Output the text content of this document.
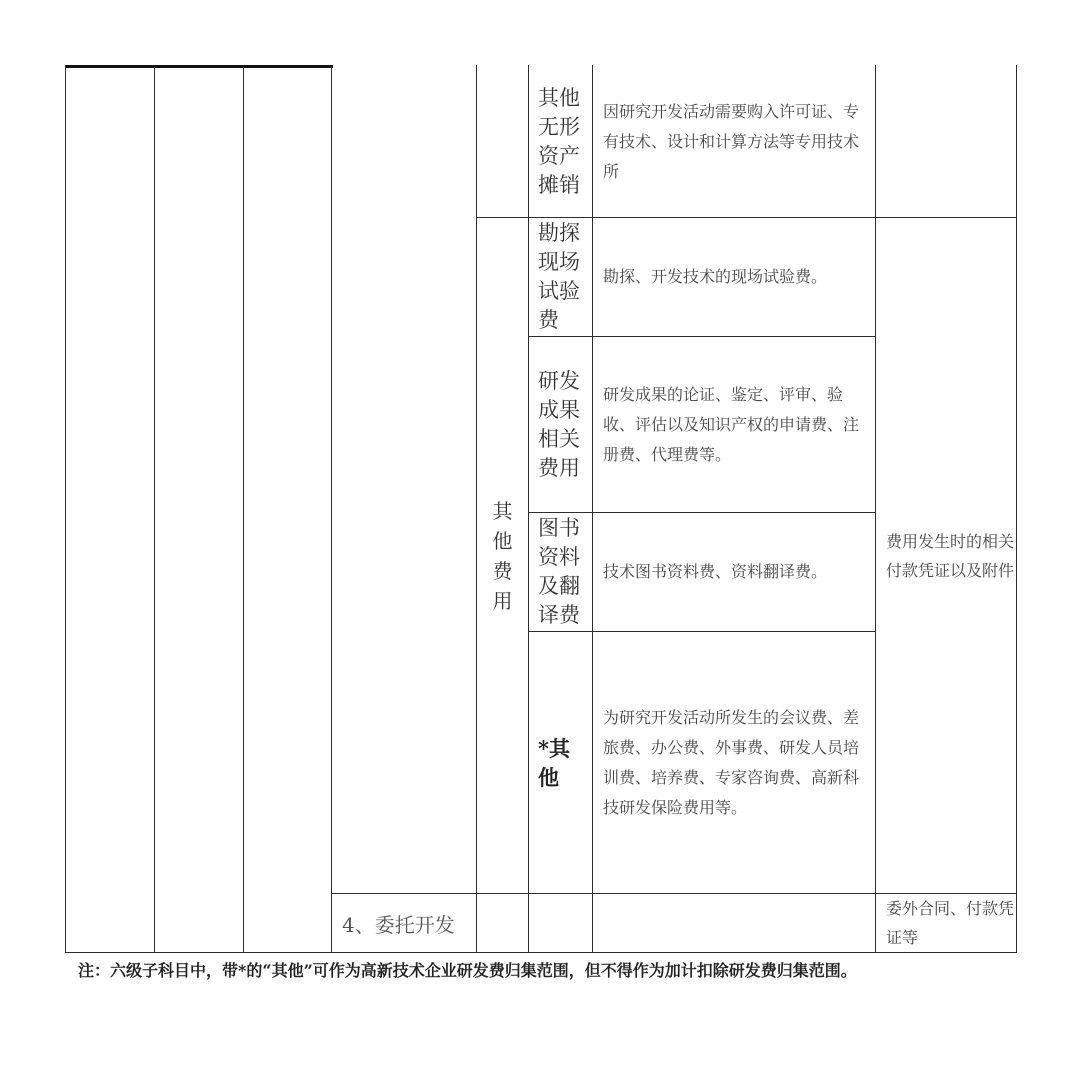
其他
无形
资产
摊销
因研究开发活动需要购入许可证、专有技术、设计和计算方法等专用技术所
勘探
现场
试验
费
勘探、开发技术的现场试验费。
研发
成果
相关
费用
研发成果的论证、鉴定、评审、验收、评估以及知识产权的申请费、注册费、代理费等。
图书
资料
及翻
译费
技术图书资料费、资料翻译费。
*其
他
为研究开发活动所发生的会议费、差旅费、办公费、外事费、研发人员培训费、培养费、专家咨询费、高新科技研发保险费用等。
其
他
费
用
费用发生时的相关付款凭证以及附件
4、委托开发
委外合同、付款凭证等
注：六级子科目中，带*的“其他”可作为高新技术企业研发费归集范围，但不得作为加计扣除研发费归集范围。
